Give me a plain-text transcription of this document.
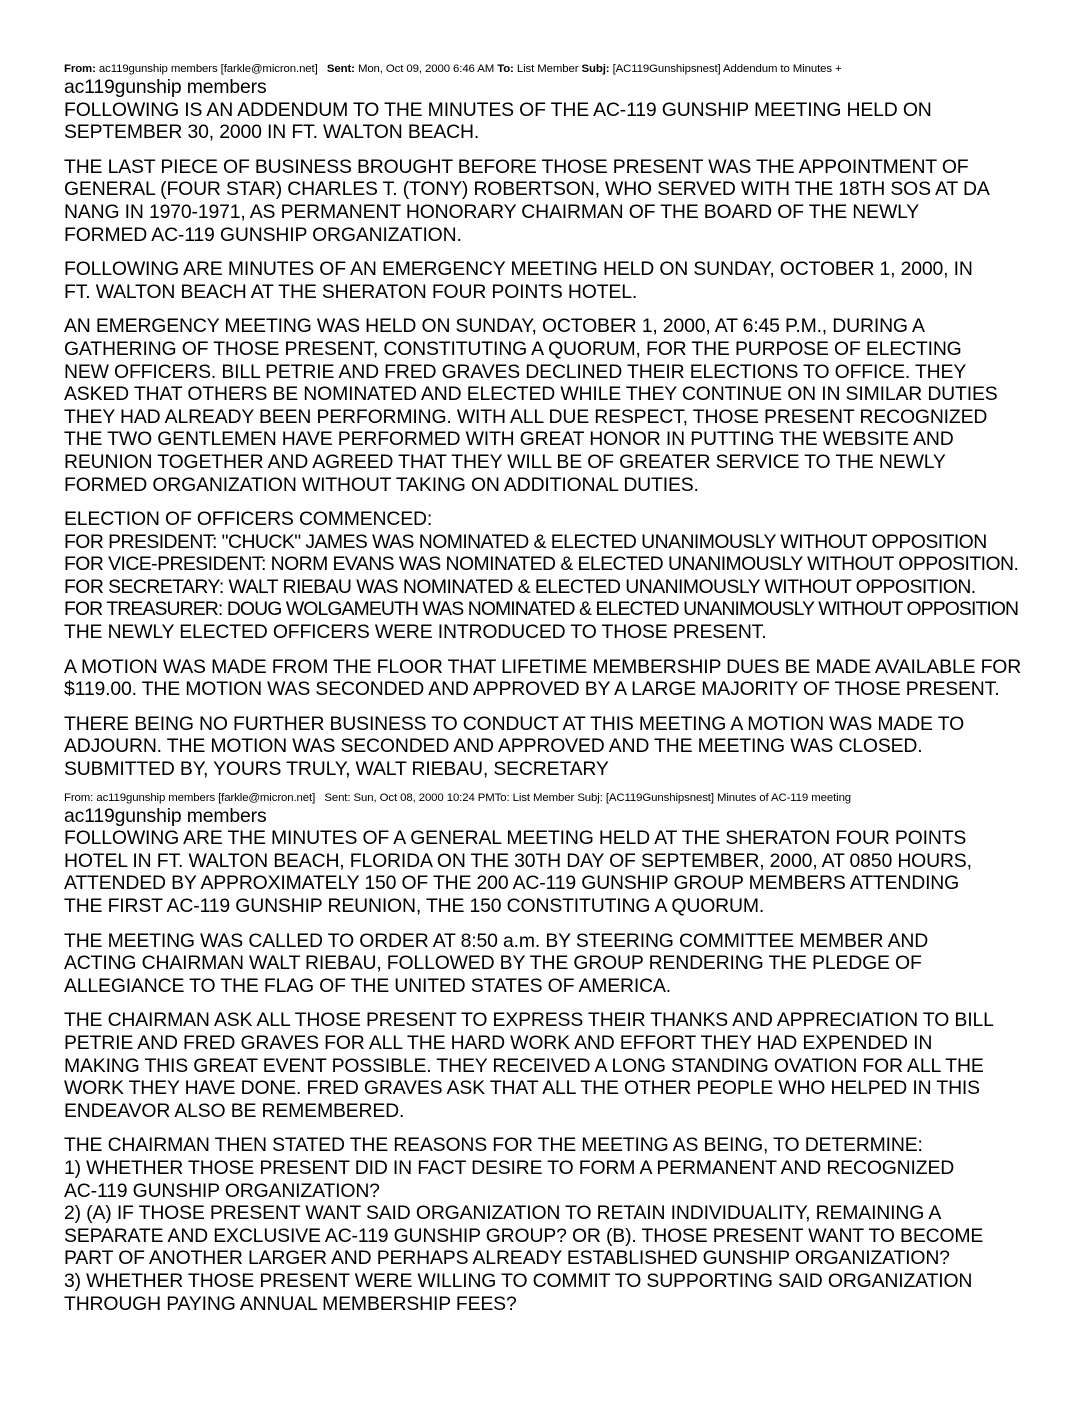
From: ac119gunship members [farkle@micron.net] Sent: Mon, Oct 09, 2000 6:46 AM To: List Member Subj: [AC119Gunshipsnest] Addendum to Minutes +
ac119gunship members

FOLLOWING IS AN ADDENDUM TO THE MINUTES OF THE AC-119 GUNSHIP MEETING HELD ON
SEPTEMBER 30, 2000 IN FT. WALTON BEACH.

THE LAST PIECE OF BUSINESS BROUGHT BEFORE THOSE PRESENT WAS THE APPOINTMENT OF
GENERAL (FOUR STAR) CHARLES T. (TONY) ROBERTSON, WHO SERVED WITH THE 18TH SOS AT DA
NANG IN 1970-1971, AS PERMANENT HONORARY CHAIRMAN OF THE BOARD OF THE NEWLY
FORMED AC-119 GUNSHIP ORGANIZATION.

FOLLOWING ARE MINUTES OF AN EMERGENCY MEETING HELD ON SUNDAY, OCTOBER 1, 2000, IN
FT. WALTON BEACH AT THE SHERATON FOUR POINTS HOTEL.

AN EMERGENCY MEETING WAS HELD ON SUNDAY, OCTOBER 1, 2000, AT 6:45 P.M., DURING A
GATHERING OF THOSE PRESENT, CONSTITUTING A QUORUM, FOR THE PURPOSE OF ELECTING
NEW OFFICERS. BILL PETRIE AND FRED GRAVES DECLINED THEIR ELECTIONS TO OFFICE. THEY
ASKED THAT OTHERS BE NOMINATED AND ELECTED WHILE THEY CONTINUE ON IN SIMILAR DUTIES
THEY HAD ALREADY BEEN PERFORMING. WITH ALL DUE RESPECT, THOSE PRESENT RECOGNIZED
THE TWO GENTLEMEN HAVE PERFORMED WITH GREAT HONOR IN PUTTING THE WEBSITE AND
REUNION TOGETHER AND AGREED THAT THEY WILL BE OF GREATER SERVICE TO THE NEWLY
FORMED ORGANIZATION WITHOUT TAKING ON ADDITIONAL DUTIES.

ELECTION OF OFFICERS COMMENCED:
FOR PRESIDENT: "CHUCK" JAMES WAS NOMINATED & ELECTED UNANIMOUSLY WITHOUT OPPOSITION
FOR VICE-PRESIDENT: NORM EVANS WAS NOMINATED & ELECTED UNANIMOUSLY WITHOUT OPPOSITION.
FOR SECRETARY: WALT RIEBAU WAS NOMINATED & ELECTED UNANIMOUSLY WITHOUT OPPOSITION.
FOR TREASURER: DOUG WOLGAMEUTH WAS NOMINATED & ELECTED UNANIMOUSLY WITHOUT OPPOSITION
THE NEWLY ELECTED OFFICERS WERE INTRODUCED TO THOSE PRESENT.

A MOTION WAS MADE FROM THE FLOOR THAT LIFETIME MEMBERSHIP DUES BE MADE AVAILABLE FOR
$119.00. THE MOTION WAS SECONDED AND APPROVED BY A LARGE MAJORITY OF THOSE PRESENT.

THERE BEING NO FURTHER BUSINESS TO CONDUCT AT THIS MEETING A MOTION WAS MADE TO
ADJOURN. THE MOTION WAS SECONDED AND APPROVED AND THE MEETING WAS CLOSED.
SUBMITTED BY, YOURS TRULY, WALT RIEBAU, SECRETARY

From: ac119gunship members [farkle@micron.net] Sent: Sun, Oct 08, 2000 10:24 PMTo: List Member Subj: [AC119Gunshipsnest] Minutes of AC-119 meeting
ac119gunship members

FOLLOWING ARE THE MINUTES OF A GENERAL MEETING HELD AT THE SHERATON FOUR POINTS
HOTEL IN FT. WALTON BEACH, FLORIDA ON THE 30TH DAY OF SEPTEMBER, 2000, AT 0850 HOURS,
ATTENDED BY APPROXIMATELY 150 OF THE 200 AC-119 GUNSHIP GROUP MEMBERS ATTENDING
THE FIRST AC-119 GUNSHIP REUNION, THE 150 CONSTITUTING A QUORUM.

THE MEETING WAS CALLED TO ORDER AT 8:50 a.m. BY STEERING COMMITTEE MEMBER AND
ACTING CHAIRMAN WALT RIEBAU, FOLLOWED BY THE GROUP RENDERING THE PLEDGE OF
ALLEGIANCE TO THE FLAG OF THE UNITED STATES OF AMERICA.

THE CHAIRMAN ASK ALL THOSE PRESENT TO EXPRESS THEIR THANKS AND APPRECIATION TO BILL
PETRIE AND FRED GRAVES FOR ALL THE HARD WORK AND EFFORT THEY HAD EXPENDED IN
MAKING THIS GREAT EVENT POSSIBLE. THEY RECEIVED A LONG STANDING OVATION FOR ALL THE
WORK THEY HAVE DONE. FRED GRAVES ASK THAT ALL THE OTHER PEOPLE WHO HELPED IN THIS
ENDEAVOR ALSO BE REMEMBERED.

THE CHAIRMAN THEN STATED THE REASONS FOR THE MEETING AS BEING, TO DETERMINE:
1) WHETHER THOSE PRESENT DID IN FACT DESIRE TO FORM A PERMANENT AND RECOGNIZED
AC-119 GUNSHIP ORGANIZATION?
2) (A) IF THOSE PRESENT WANT SAID ORGANIZATION TO RETAIN INDIVIDUALITY, REMAINING A
SEPARATE AND EXCLUSIVE AC-119 GUNSHIP GROUP? OR (B). THOSE PRESENT WANT TO BECOME
PART OF ANOTHER LARGER AND PERHAPS ALREADY ESTABLISHED GUNSHIP ORGANIZATION?
3) WHETHER THOSE PRESENT WERE WILLING TO COMMIT TO SUPPORTING SAID ORGANIZATION
THROUGH PAYING ANNUAL MEMBERSHIP FEES?
